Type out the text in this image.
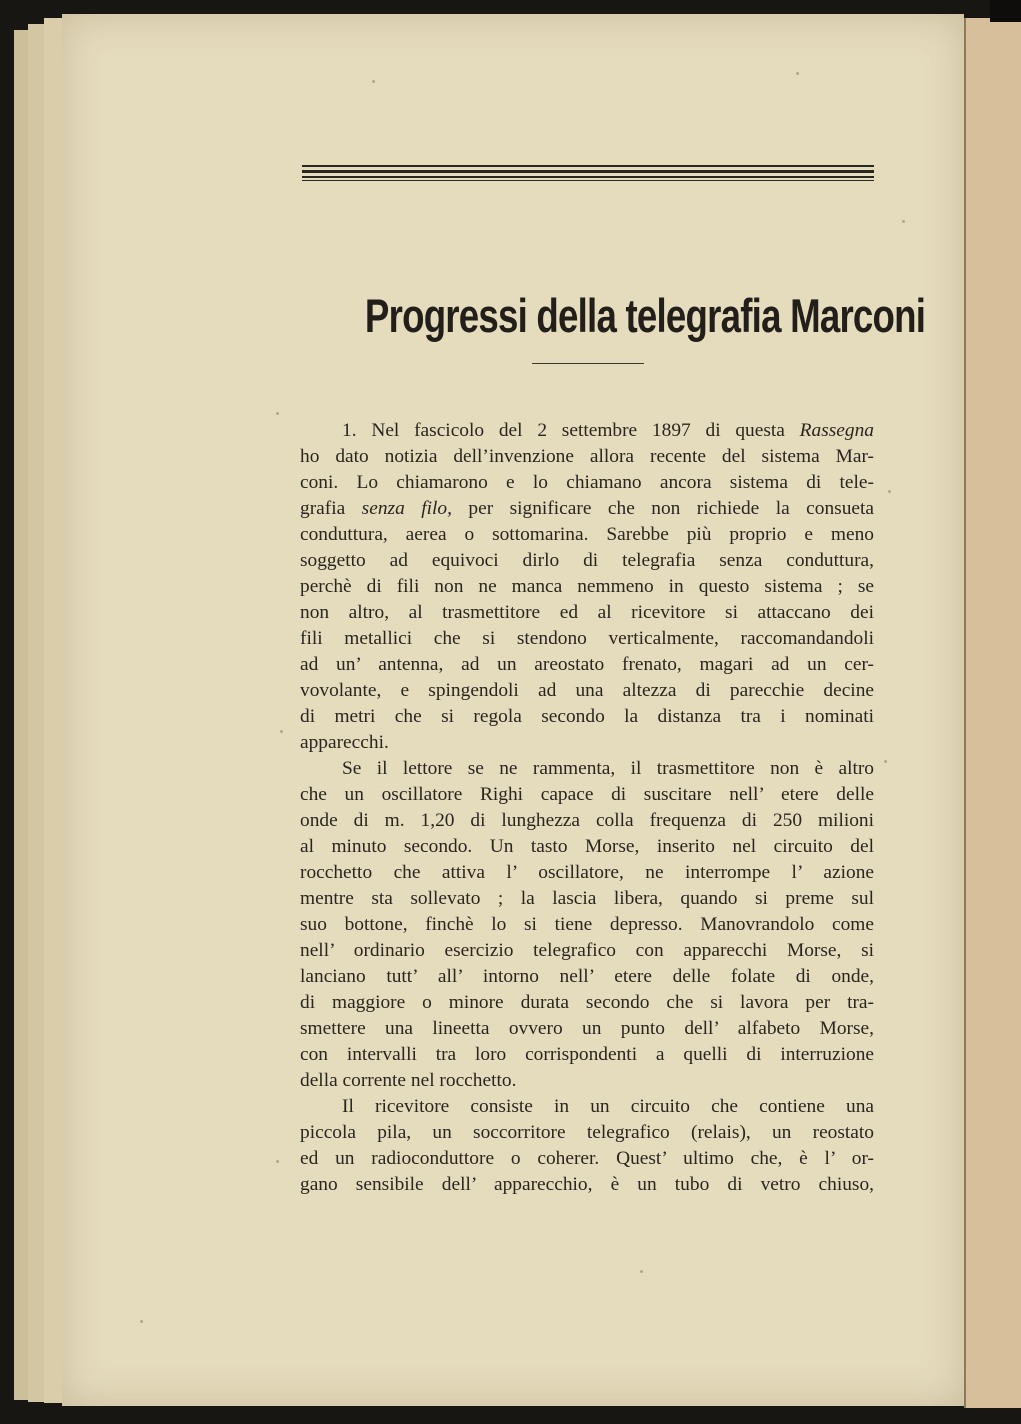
Progressi della telegrafia Marconi
1. Nel fascicolo del 2 settembre 1897 di questa Rassegna
ho dato notizia dell’invenzione allora recente del sistema Mar-
coni. Lo chiamarono e lo chiamano ancora sistema di tele-
grafia senza filo, per significare che non richiede la consueta
conduttura, aerea o sottomarina. Sarebbe più proprio e meno
soggetto ad equivoci dirlo di telegrafia senza conduttura,
perchè di fili non ne manca nemmeno in questo sistema ; se
non altro, al trasmettitore ed al ricevitore si attaccano dei
fili metallici che si stendono verticalmente, raccomandandoli
ad un’ antenna, ad un areostato frenato, magari ad un cer-
vovolante, e spingendoli ad una altezza di parecchie decine
di metri che si regola secondo la distanza tra i nominati
apparecchi.
Se il lettore se ne rammenta, il trasmettitore non è altro
che un oscillatore Righi capace di suscitare nell’ etere delle
onde di m. 1,20 di lunghezza colla frequenza di 250 milioni
al minuto secondo. Un tasto Morse, inserito nel circuito del
rocchetto che attiva l’ oscillatore, ne interrompe l’ azione
mentre sta sollevato ; la lascia libera, quando si preme sul
suo bottone, finchè lo si tiene depresso. Manovrandolo come
nell’ ordinario esercizio telegrafico con apparecchi Morse, si
lanciano tutt’ all’ intorno nell’ etere delle folate di onde,
di maggiore o minore durata secondo che si lavora per tra-
smettere una lineetta ovvero un punto dell’ alfabeto Morse,
con intervalli tra loro corrispondenti a quelli di interruzione
della corrente nel rocchetto.
Il ricevitore consiste in un circuito che contiene una
piccola pila, un soccorritore telegrafico (relais), un reostato
ed un radioconduttore o coherer. Quest’ ultimo che, è l’ or-
gano sensibile dell’ apparecchio, è un tubo di vetro chiuso,
